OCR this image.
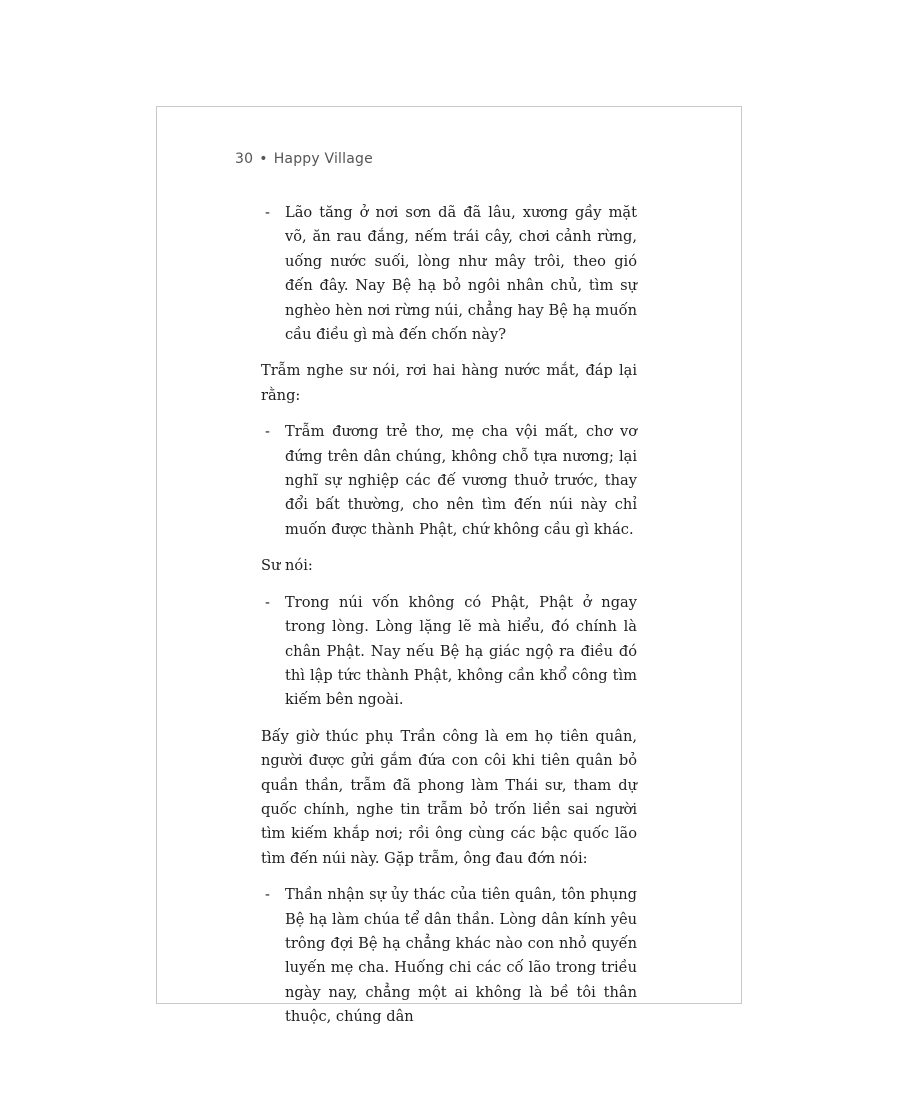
30 • Happy Village

- Lão tăng ở nơi sơn dã đã lâu, xương gầy mặt võ, ăn rau đắng, nếm trái cây, chơi cảnh rừng, uống nước suối, lòng như mây trôi, theo gió đến đây. Nay Bệ hạ bỏ ngôi nhân chủ, tìm sự nghèo hèn nơi rừng núi, chẳng hay Bệ hạ muốn cầu điều gì mà đến chốn này?

Trẫm nghe sư nói, rơi hai hàng nước mắt, đáp lại rằng:

- Trẫm đương trẻ thơ, mẹ cha vội mất, chơ vơ đứng trên dân chúng, không chỗ tựa nương; lại nghĩ sự nghiệp các đế vương thuở trước, thay đổi bất thường, cho nên tìm đến núi này chỉ muốn được thành Phật, chứ không cầu gì khác.

Sư nói:

- Trong núi vốn không có Phật, Phật ở ngay trong lòng. Lòng lặng lẽ mà hiểu, đó chính là chân Phật. Nay nếu Bệ hạ giác ngộ ra điều đó thì lập tức thành Phật, không cần khổ công tìm kiếm bên ngoài.

Bấy giờ thúc phụ Trần công là em họ tiên quân, người được gửi gắm đứa con côi khi tiên quân bỏ quần thần, trẫm đã phong làm Thái sư, tham dự quốc chính, nghe tin trẫm bỏ trốn liền sai người tìm kiếm khắp nơi; rồi ông cùng các bậc quốc lão tìm đến núi này. Gặp trẫm, ông đau đớn nói:

- Thần nhận sự ủy thác của tiên quân, tôn phụng Bệ hạ làm chúa tể dân thần. Lòng dân kính yêu trông đợi Bệ hạ chẳng khác nào con nhỏ quyến luyến mẹ cha. Huống chi các cố lão trong triều ngày nay, chẳng một ai không là bề tôi thân thuộc, chúng dân
